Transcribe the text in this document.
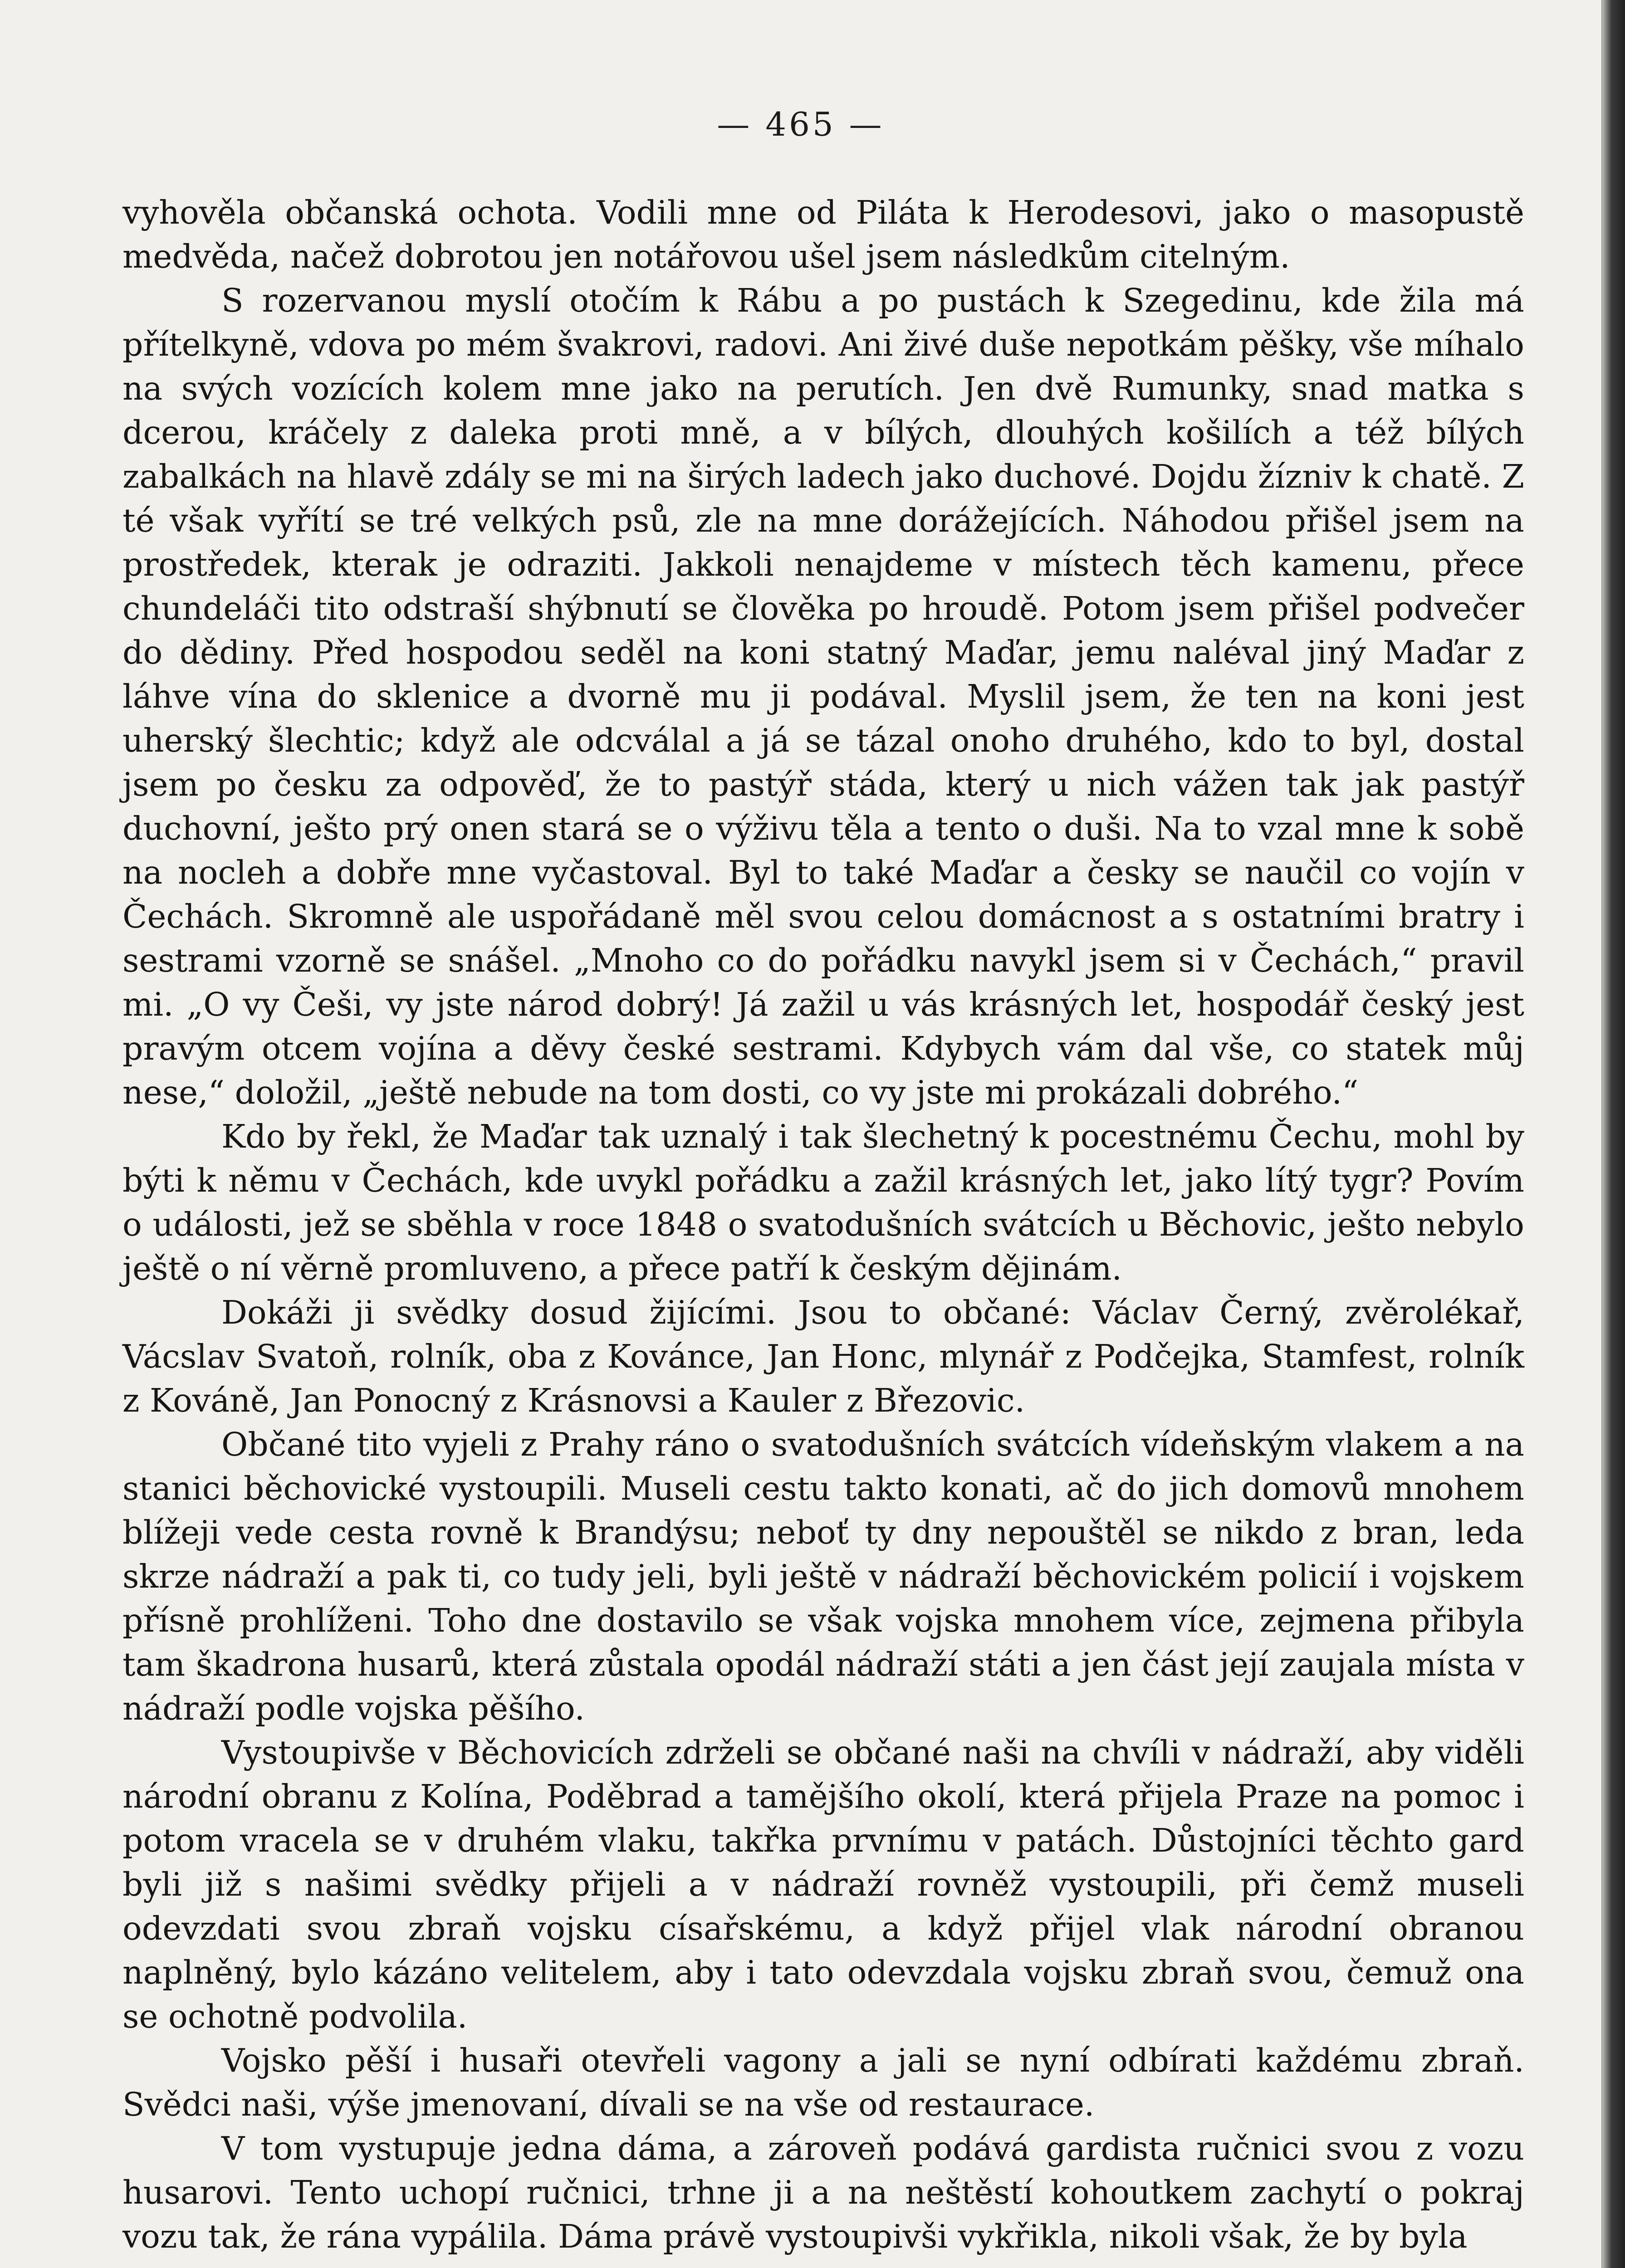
— 465 —

vyhověla občanská ochota. Vodili mne od Piláta k Herodesovi, jako o masopustě medvěda, načež dobrotou jen notářovou ušel jsem následkům citelným.

S rozervanou myslí otočím k Rábu a po pustách k Szegedinu, kde žila má přítelkyně, vdova po mém švakrovi, radovi. Ani živé duše nepotkám pěšky, vše míhalo na svých vozících kolem mne jako na perutích. Jen dvě Rumunky, snad matka s dcerou, kráčely z daleka proti mně, a v bílých, dlouhých košilích a též bílých zabalkách na hlavě zdály se mi na širých ladech jako duchové. Dojdu žízniv k chatě. Z té však vyřítí se tré velkých psů, zle na mne dorážejících. Náhodou přišel jsem na prostředek, kterak je odraziti. Jakkoli nenajdeme v místech těch kamenu, přece chundeláči tito odstraší shýbnutí se člověka po hroudě. Potom jsem přišel podvečer do dědiny. Před hospodou seděl na koni statný Maďar, jemu naléval jiný Maďar z láhve vína do sklenice a dvorně mu ji podával. Myslil jsem, že ten na koni jest uherský šlechtic; když ale odcválal a já se tázal onoho druhého, kdo to byl, dostal jsem po česku za odpověď, že to pastýř stáda, který u nich vážen tak jak pastýř duchovní, ješto prý onen stará se o výživu těla a tento o duši. Na to vzal mne k sobě na nocleh a dobře mne vyčastoval. Byl to také Maďar a česky se naučil co vojín v Čechách. Skromně ale uspořádaně měl svou celou domácnost a s ostatními bratry i sestrami vzorně se snášel. „Mnoho co do pořádku navykl jsem si v Čechách,“ pravil mi. „O vy Češi, vy jste národ dobrý! Já zažil u vás krásných let, hospodář český jest pravým otcem vojína a děvy české sestrami. Kdybych vám dal vše, co statek můj nese,“ doložil, „ještě nebude na tom dosti, co vy jste mi prokázali dobrého.“

Kdo by řekl, že Maďar tak uznalý i tak šlechetný k pocestnému Čechu, mohl by býti k němu v Čechách, kde uvykl pořádku a zažil krásných let, jako lítý tygr? Povím o události, jež se sběhla v roce 1848 o svatodušních svátcích u Běchovic, ješto nebylo ještě o ní věrně promluveno, a přece patří k českým dějinám.

Dokáži ji svědky dosud žijícími. Jsou to občané: Václav Černý, zvěrolékař, Vácslav Svatoň, rolník, oba z Kovánce, Jan Honc, mlynář z Podčejka, Stamfest, rolník z Kováně, Jan Ponocný z Krásnovsi a Kauler z Březovic.

Občané tito vyjeli z Prahy ráno o svatodušních svátcích vídeňským vlakem a na stanici běchovické vystoupili. Museli cestu takto konati, ač do jich domovů mnohem blížeji vede cesta rovně k Brandýsu; neboť ty dny nepouštěl se nikdo z bran, leda skrze nádraží a pak ti, co tudy jeli, byli ještě v nádraží běchovickém policií i vojskem přísně prohlíženi. Toho dne dostavilo se však vojska mnohem více, zejmena přibyla tam škadrona husarů, která zůstala opodál nádraží státi a jen část její zaujala místa v nádraží podle vojska pěšího.

Vystoupivše v Běchovicích zdrželi se občané naši na chvíli v nádraží, aby viděli národní obranu z Kolína, Poděbrad a tamějšího okolí, která přijela Praze na pomoc i potom vracela se v druhém vlaku, takřka prvnímu v patách. Důstojníci těchto gard byli již s našimi svědky přijeli a v nádraží rovněž vystoupili, při čemž museli odevzdati svou zbraň vojsku císařskému, a když přijel vlak národní obranou naplněný, bylo kázáno velitelem, aby i tato odevzdala vojsku zbraň svou, čemuž ona se ochotně podvolila.

Vojsko pěší i husaři otevřeli vagony a jali se nyní odbírati každému zbraň. Svědci naši, výše jmenovaní, dívali se na vše od restaurace.

V tom vystupuje jedna dáma, a zároveň podává gardista ručnici svou z vozu husarovi. Tento uchopí ručnici, trhne ji a na neštěstí kohoutkem zachytí o pokraj vozu tak, že rána vypálila. Dáma právě vystoupivši vykřikla, nikoli však, že by byla
